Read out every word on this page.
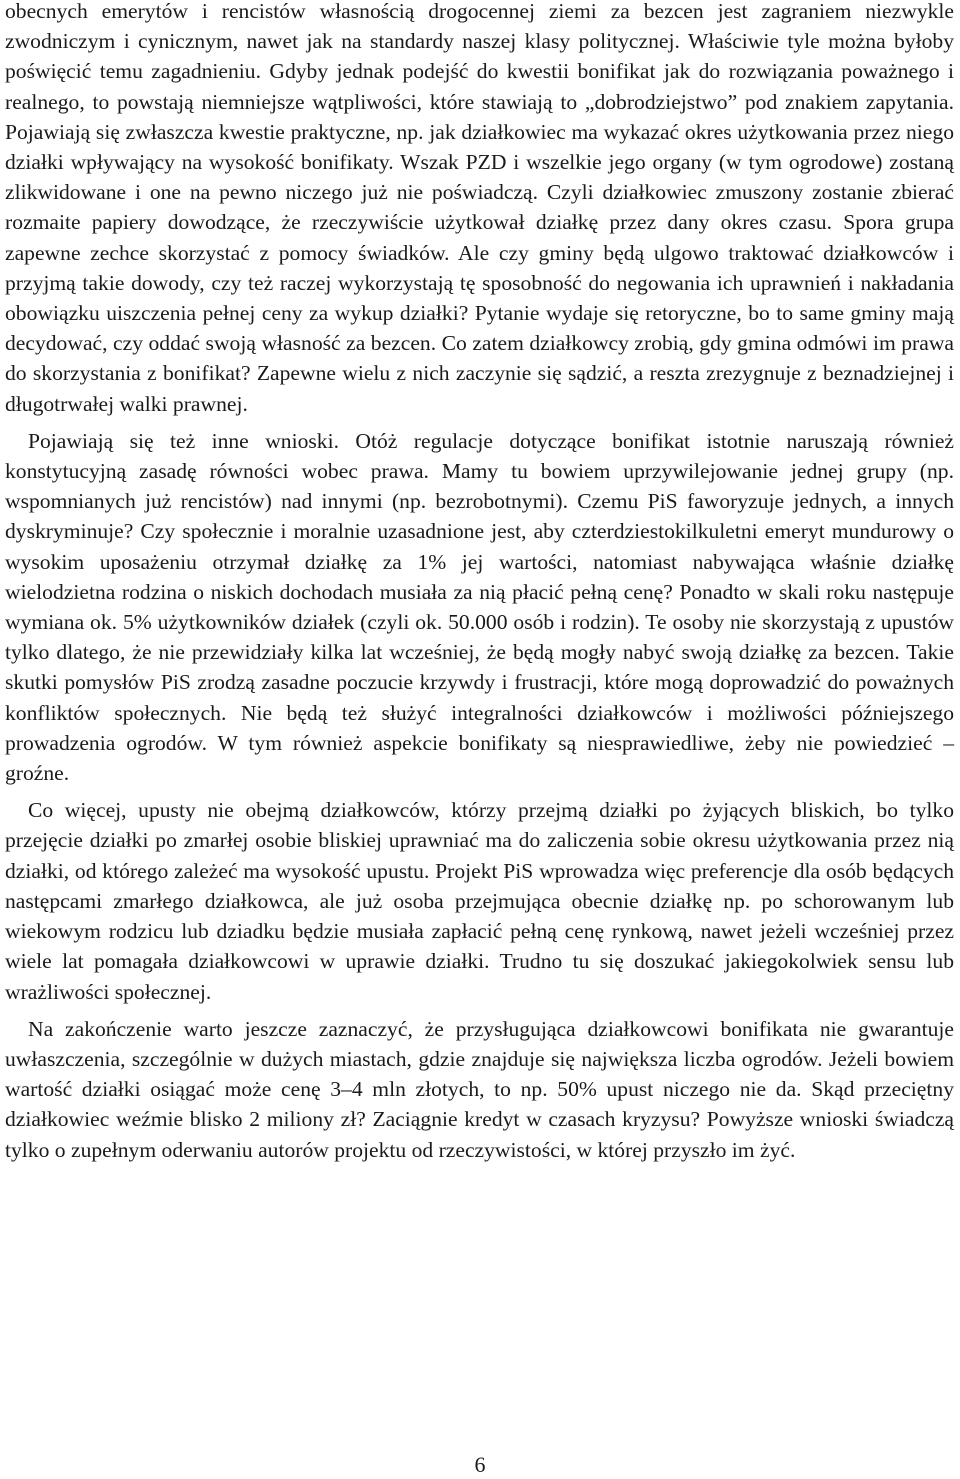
obecnych emerytów i rencistów własnością drogocennej ziemi za bezcen jest zagraniem niezwykle zwodniczym i cynicznym, nawet jak na standardy naszej klasy politycznej. Właściwie tyle można byłoby poświęcić temu zagadnieniu. Gdyby jednak podejść do kwestii bonifikat jak do rozwiązania poważnego i realnego, to powstają niemniejsze wątpliwości, które stawiają to „dobrodziejstwo” pod znakiem zapytania. Pojawiają się zwłaszcza kwestie praktyczne, np. jak działkowiec ma wykazać okres użytkowania przez niego działki wpływający na wysokość bonifikaty. Wszak PZD i wszelkie jego organy (w tym ogrodowe) zostaną zlikwidowane i one na pewno niczego już nie poświadczą. Czyli działkowiec zmuszony zostanie zbierać rozmaite papiery dowodzące, że rzeczywiście użytkował działkę przez dany okres czasu. Spora grupa zapewne zechce skorzystać z pomocy świadków. Ale czy gminy będą ulgowo traktować działkowców i przyjmą takie dowody, czy też raczej wykorzystają tę sposobność do negowania ich uprawnień i nakładania obowiązku uiszczenia pełnej ceny za wykup działki? Pytanie wydaje się retoryczne, bo to same gminy mają decydować, czy oddać swoją własność za bezcen. Co zatem działkowcy zrobią, gdy gmina odmówi im prawa do skorzystania z bonifikat? Zapewne wielu z nich zaczynie się sądzić, a reszta zrezygnuje z beznadziejnej i długotrwałej walki prawnej.

Pojawiają się też inne wnioski. Otóż regulacje dotyczące bonifikat istotnie naruszają również konstytucyjną zasadę równości wobec prawa. Mamy tu bowiem uprzywilejowanie jednej grupy (np. wspomnianych już rencistów) nad innymi (np. bezrobotnymi). Czemu PiS faworyzuje jednych, a innych dyskryminuje? Czy społecznie i moralnie uzasadnione jest, aby czterdziestokilkuletni emeryt mundurowy o wysokim uposażeniu otrzymał działkę za 1% jej wartości, natomiast nabywająca właśnie działkę wielodzietna rodzina o niskich dochodach musiała za nią płacić pełną cenę? Ponadto w skali roku następuje wymiana ok. 5% użytkowników działek (czyli ok. 50.000 osób i rodzin). Te osoby nie skorzystają z upustów tylko dlatego, że nie przewidziały kilka lat wcześniej, że będą mogły nabyć swoją działkę za bezcen. Takie skutki pomysłów PiS zrodzą zasadne poczucie krzywdy i frustracji, które mogą doprowadzić do poważnych konfliktów społecznych. Nie będą też służyć integralności działkowców i możliwości późniejszego prowadzenia ogrodów. W tym również aspekcie bonifikaty są niesprawiedliwe, żeby nie powiedzieć – groźne.

Co więcej, upusty nie obejmą działkowców, którzy przejmą działki po żyjących bliskich, bo tylko przejęcie działki po zmarłej osobie bliskiej uprawniać ma do zaliczenia sobie okresu użytkowania przez nią działki, od którego zależeć ma wysokość upustu. Projekt PiS wprowadza więc preferencje dla osób będących następcami zmarłego działkowca, ale już osoba przejmująca obecnie działkę np. po schorowanym lub wiekowym rodzicu lub dziadku będzie musiała zapłacić pełną cenę rynkową, nawet jeżeli wcześniej przez wiele lat pomagała działkowcowi w uprawie działki. Trudno tu się doszukać jakiegokolwiek sensu lub wrażliwości społecznej.

Na zakończenie warto jeszcze zaznaczyć, że przysługująca działkowcowi bonifikata nie gwarantuje uwłaszczenia, szczególnie w dużych miastach, gdzie znajduje się największa liczba ogrodów. Jeżeli bowiem wartość działki osiągać może cenę 3–4 mln złotych, to np. 50% upust niczego nie da. Skąd przeciętny działkowiec weźmie blisko 2 miliony zł? Zaciągnie kredyt w czasach kryzysu? Powyższe wnioski świadczą tylko o zupełnym oderwaniu autorów projektu od rzeczywistości, w której przyszło im żyć.

6
